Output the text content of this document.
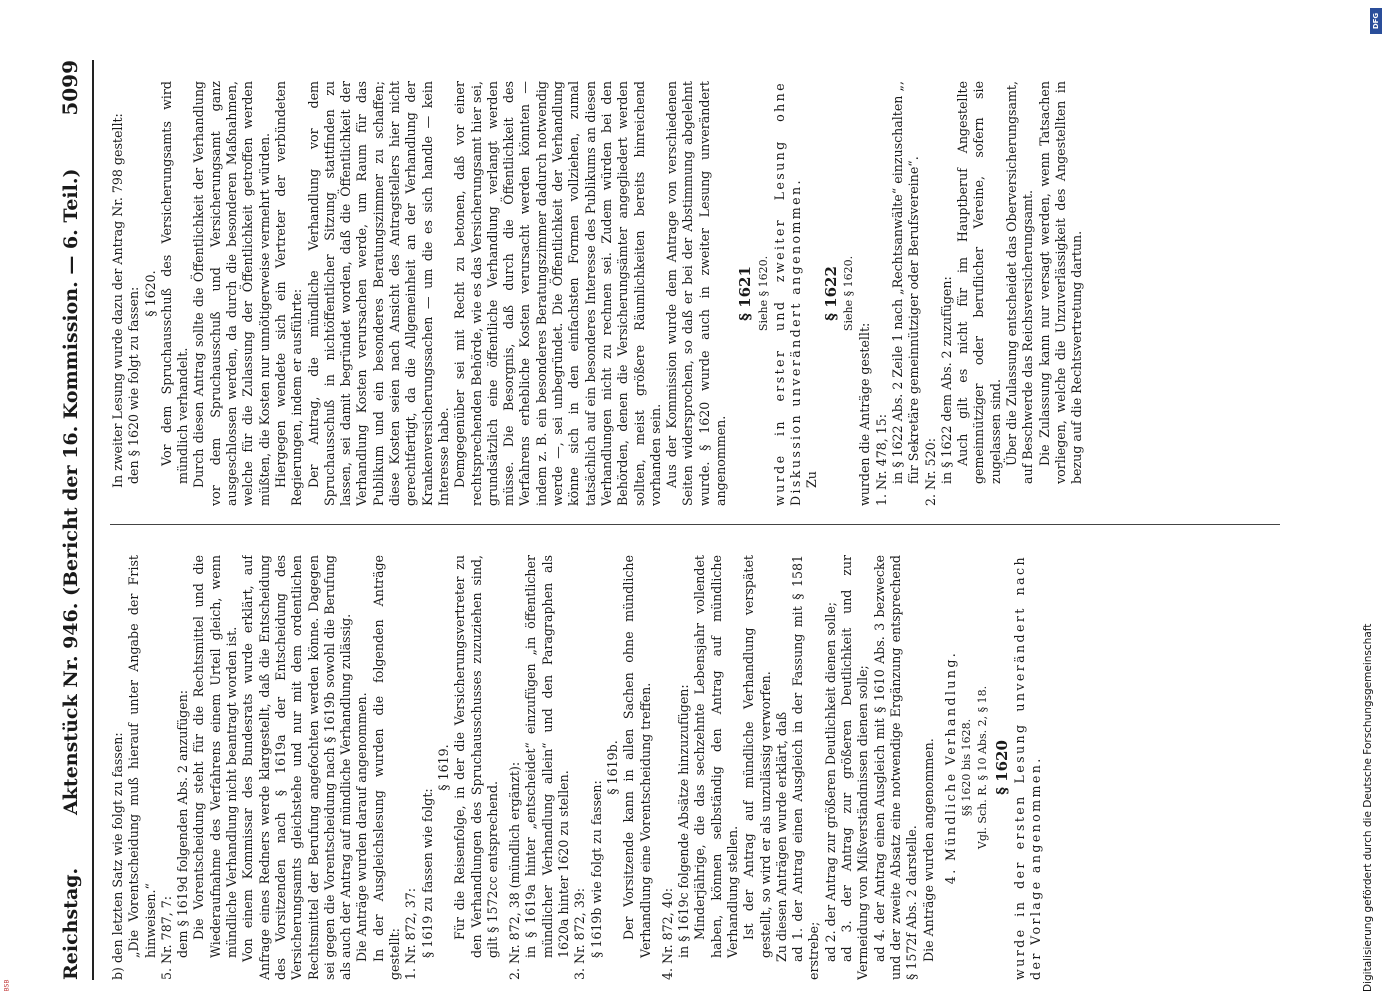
Reichstag.
Aktenstück Nr. 946. (Bericht der 16. Kommission. — 6. Teil.)
5099

b) den letzten Satz wie folgt zu fassen: „Die Vorentscheidung muß hierauf unter Angabe der Frist hinweisen.“ 5. Nr. 787, 7: dem § 1619d folgenden Abs. 2 anzufügen: Die Vorentscheidung steht für die Rechtsmittel und die Wiederaufnahme des Verfahrens einem Urteil gleich, wenn mündliche Verhandlung nicht beantragt worden ist. Von einem Kommissar des Bundesrats wurde erklärt, auf Anfrage eines Redners werde klargestellt, daß die Entscheidung des Vorsitzenden nach § 1619a der Entscheidung des Versicherungsamts gleichstehe und nur mit dem ordentlichen Rechtsmittel der Berufung angefochten werden könne. Dagegen sei gegen die Vorentscheidung nach § 1619b sowohl die Berufung als auch der Antrag auf mündliche Verhandlung zulässig. Die Anträge wurden darauf angenommen. In der Ausgleichslesung wurden die folgenden Anträge gestellt: 1. Nr. 872, 37: § 1619 zu fassen wie folgt:

§ 1619. Für die Reisenfolge, in der die Versicherungsvertreter zu den Verhandlungen des Spruchausschusses zuzuziehen sind, gilt § 1572cc entsprechend. 2. Nr. 872, 38 (mündlich ergänzt): in § 1619a hinter „entscheidet“ einzufügen „in öffentlicher mündlicher Verhandlung allein“ und den Paragraphen als 1620a hinter 1620 zu stellen. 3. Nr. 872, 39: § 1619b wie folgt zu fassen:

§ 1619b. Der Vorsitzende kann in allen Sachen ohne mündliche Verhandlung eine Vorentscheidung treffen. 4. Nr. 872, 40: in § 1619c folgende Absätze hinzuzufügen: Minderjährige, die das sechzehnte Lebensjahr vollendet haben, können selbständig den Antrag auf mündliche Verhandlung stellen. Ist der Antrag auf mündliche Verhandlung verspätet gestellt, so wird er als unzulässig verworfen. Zu diesen Anträgen wurde erklärt, daß ad 1. der Antrag einen Ausgleich in der Fassung mit § 1581 erstrebe; ad 2. der Antrag zur größeren Deutlichkeit dienen solle; ad 3. der Antrag zur größeren Deutlichkeit und zur Vermeidung von Mißverständnissen dienen solle; ad 4. der Antrag einen Ausgleich mit § 1610 Abs. 3 bezwecke und der zweite Absatz eine notwendige Ergänzung entsprechend § 1572f Abs. 2 darstelle. Die Anträge wurden angenommen. 4. Mündliche Verhandlung. §§ 1620 bis 1628. Vgl. Sch. R. § 10 Abs. 2, § 18. § 1620 wurde in der ersten Lesung unverändert nach der Vorlage angenommen.

In zweiter Lesung wurde dazu der Antrag Nr. 798 gestellt: den § 1620 wie folgt zu fassen: § 1620. Vor dem Spruchausschuß des Versicherungsamts wird mündlich verhandelt. Durch diesen Antrag sollte die Öffentlichkeit der Verhandlung vor dem Spruchausschuß und Versicherungsamt ganz ausgeschlossen werden, da durch die besonderen Maßnahmen, welche für die Zulassung der Öffentlichkeit getroffen werden müßten, die Kosten nur unnötigerweise vermehrt würden. Hiergegen wendete sich ein Vertreter der verbündeten Regierungen, indem er ausführte: Der Antrag, die mündliche Verhandlung vor dem Spruchausschuß in nichtöffentlicher Sitzung stattfinden zu lassen, sei damit begründet worden, daß die Öffentlichkeit der Verhandlung Kosten verursachen werde, um Raum für das Publikum und ein besonderes Beratungszimmer zu schaffen; diese Kosten seien nach Ansicht des Antragstellers hier nicht gerechtfertigt, da die Allgemeinheit an der Verhandlung der Krankenversicherungssachen — um die es sich handle — kein Interesse habe. Demgegenüber sei mit Recht zu betonen, daß vor einer rechtsprechenden Behörde, wie es das Versicherungsamt hier sei, grundsätzlich eine öffentliche Verhandlung verlangt werden müsse. Die Besorgnis, daß durch die Öffentlichkeit des Verfahrens erhebliche Kosten verursacht werden könnten — indem z. B. ein besonderes Beratungszimmer dadurch notwendig werde —, sei unbegründet. Die Öffentlichkeit der Verhandlung könne sich in den einfachsten Formen vollziehen, zumal tatsächlich auf ein besonderes Interesse des Publikums an diesen Verhandlungen nicht zu rechnen sei. Zudem würden bei den Behörden, denen die Versicherungsämter angegliedert werden sollten, meist größere Räumlichkeiten bereits hinreichend vorhanden sein. Aus der Kommission wurde dem Antrage von verschiedenen Seiten widersprochen, so daß er bei der Abstimmung abgelehnt wurde. § 1620 wurde auch in zweiter Lesung unverändert angenommen.

§ 1621 Siehe § 1620. wurde in erster und zweiter Lesung ohne Diskussion unverändert angenommen. Zu

§ 1622 Siehe § 1620.

wurden die Anträge gestellt: 1. Nr. 478, 15: in § 1622 Abs. 2 Zeile 1 nach „Rechtsanwälte“ einzuschalten „, für Sekretäre gemeinnütziger oder Berufsvereine“. 2. Nr. 520: in § 1622 dem Abs. 2 zuzufügen: Auch gilt es nicht für im Hauptberuf Angestellte gemeinnütziger oder beruflicher Vereine, sofern sie zugelassen sind. Über die Zulassung entscheidet das Oberversicherungsamt, auf Beschwerde das Reichsversicherungsamt. Die Zulassung kann nur versagt werden, wenn Tatsachen vorliegen, welche die Unzuverlässigkeit des Angestellten in bezug auf die Rechtsvertretung dartun.

Digitalisierung gefördert durch die Deutsche Forschungsgemeinschaft
DFG
BSB
